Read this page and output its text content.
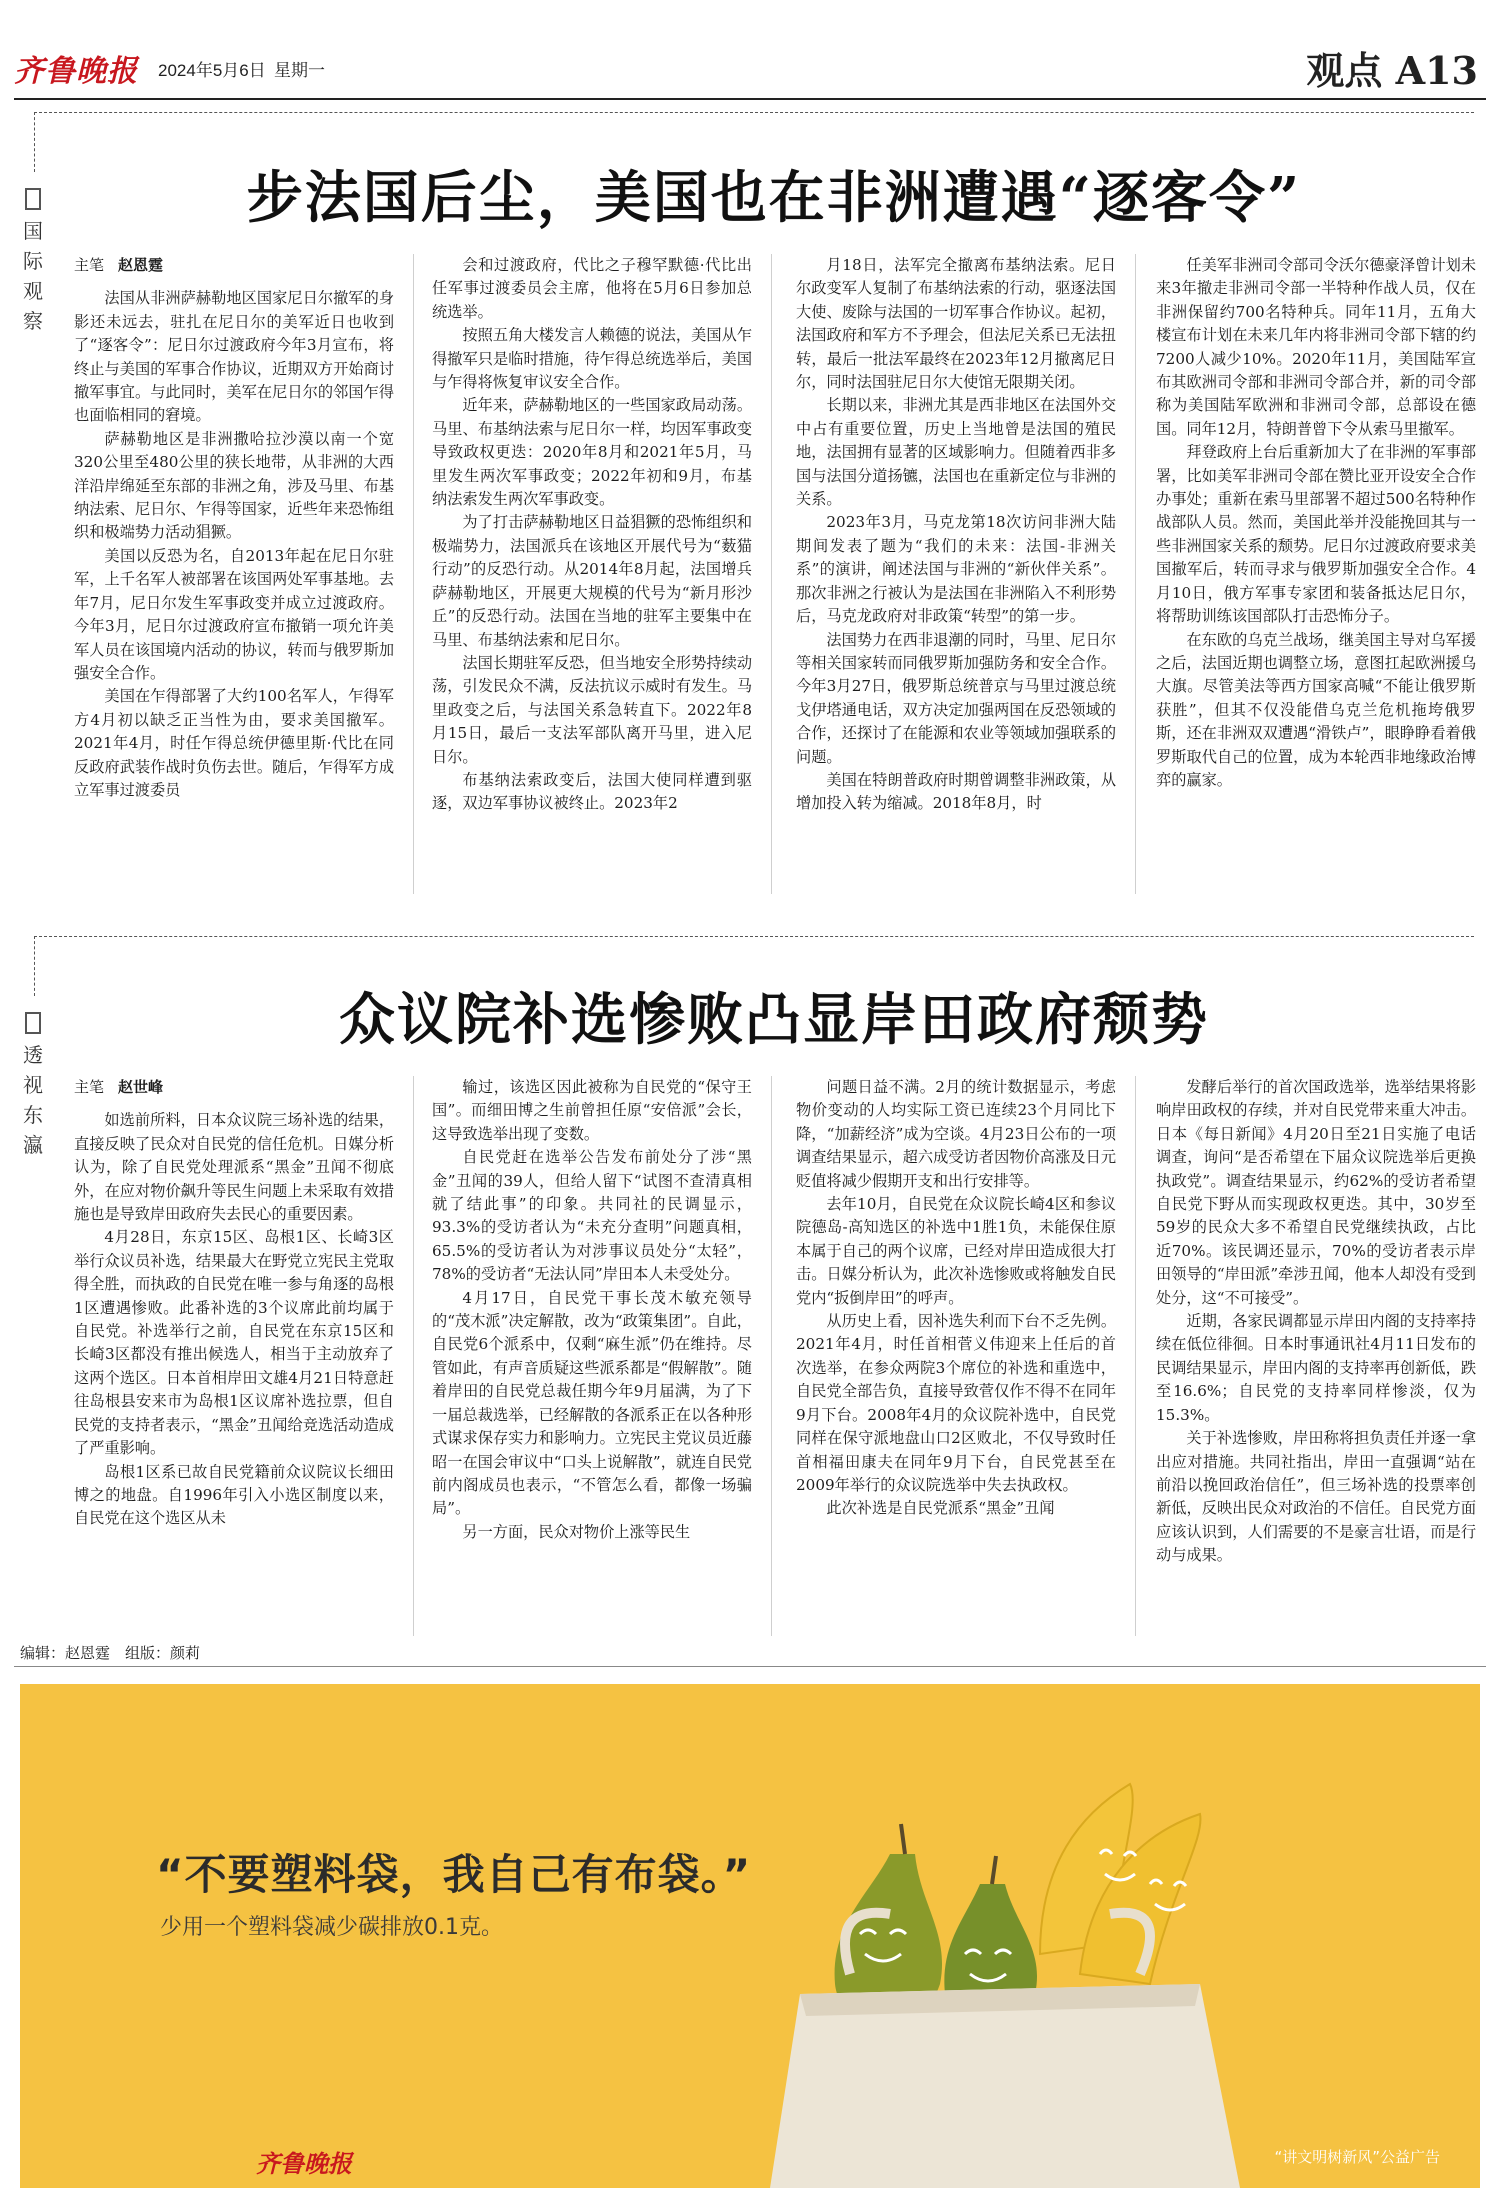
齐鲁晚报 2024年5月6日 星期一	观点 A13
步法国后尘，美国也在非洲遭遇“逐客令”
国
际
观
察

主笔 赵恩霆

法国从非洲萨赫勒地区国家尼日尔撤军的身影还未远去，驻扎在尼日尔的美军近日也收到了“逐客令”：尼日尔过渡政府今年3月宣布，将终止与美国的军事合作协议，近期双方开始商讨撤军事宜。与此同时，美军在尼日尔的邻国乍得也面临相同的窘境。

萨赫勒地区是非洲撒哈拉沙漠以南一个宽320公里至480公里的狭长地带，从非洲的大西洋沿岸绵延至东部的非洲之角，涉及马里、布基纳法索、尼日尔、乍得等国家，近些年来恐怖组织和极端势力活动猖獗。

美国以反恐为名，自2013年起在尼日尔驻军，上千名军人被部署在该国两处军事基地。去年7月，尼日尔发生军事政变并成立过渡政府。今年3月，尼日尔过渡政府宣布撤销一项允许美军人员在该国境内活动的协议，转而与俄罗斯加强安全合作。

美国在乍得部署了大约100名军人，乍得军方4月初以缺乏正当性为由，要求美国撤军。2021年4月，时任乍得总统伊德里斯·代比在同反政府武装作战时负伤去世。随后，乍得军方成立军事过渡委员

会和过渡政府，代比之子穆罕默德·代比出任军事过渡委员会主席，他将在5月6日参加总统选举。

按照五角大楼发言人赖德的说法，美国从乍得撤军只是临时措施，待乍得总统选举后，美国与乍得将恢复审议安全合作。

近年来，萨赫勒地区的一些国家政局动荡。马里、布基纳法索与尼日尔一样，均因军事政变导致政权更迭：2020年8月和2021年5月，马里发生两次军事政变；2022年初和9月，布基纳法索发生两次军事政变。

为了打击萨赫勒地区日益猖獗的恐怖组织和极端势力，法国派兵在该地区开展代号为“薮猫行动”的反恐行动。从2014年8月起，法国增兵萨赫勒地区，开展更大规模的代号为“新月形沙丘”的反恐行动。法国在当地的驻军主要集中在马里、布基纳法索和尼日尔。

法国长期驻军反恐，但当地安全形势持续动荡，引发民众不满，反法抗议示威时有发生。马里政变之后，与法国关系急转直下。2022年8月15日，最后一支法军部队离开马里，进入尼日尔。

布基纳法索政变后，法国大使同样遭到驱逐，双边军事协议被终止。2023年2

月18日，法军完全撤离布基纳法索。尼日尔政变军人复制了布基纳法索的行动，驱逐法国大使、废除与法国的一切军事合作协议。起初，法国政府和军方不予理会，但法尼关系已无法扭转，最后一批法军最终在2023年12月撤离尼日尔，同时法国驻尼日尔大使馆无限期关闭。

长期以来，非洲尤其是西非地区在法国外交中占有重要位置，历史上当地曾是法国的殖民地，法国拥有显著的区域影响力。但随着西非多国与法国分道扬镳，法国也在重新定位与非洲的关系。

2023年3月，马克龙第18次访问非洲大陆期间发表了题为“我们的未来：法国-非洲关系”的演讲，阐述法国与非洲的“新伙伴关系”。那次非洲之行被认为是法国在非洲陷入不利形势后，马克龙政府对非政策“转型”的第一步。

法国势力在西非退潮的同时，马里、尼日尔等相关国家转而同俄罗斯加强防务和安全合作。今年3月27日，俄罗斯总统普京与马里过渡总统戈伊塔通电话，双方决定加强两国在反恐领域的合作，还探讨了在能源和农业等领域加强联系的问题。

美国在特朗普政府时期曾调整非洲政策，从增加投入转为缩减。2018年8月，时

任美军非洲司令部司令沃尔德豪泽曾计划未来3年撤走非洲司令部一半特种作战人员，仅在非洲保留约700名特种兵。同年11月，五角大楼宣布计划在未来几年内将非洲司令部下辖的约7200人减少10%。2020年11月，美国陆军宣布其欧洲司令部和非洲司令部合并，新的司令部称为美国陆军欧洲和非洲司令部，总部设在德国。同年12月，特朗普曾下令从索马里撤军。

拜登政府上台后重新加大了在非洲的军事部署，比如美军非洲司令部在赞比亚开设安全合作办事处；重新在索马里部署不超过500名特种作战部队人员。然而，美国此举并没能挽回其与一些非洲国家关系的颓势。尼日尔过渡政府要求美国撤军后，转而寻求与俄罗斯加强安全合作。4月10日，俄方军事专家团和装备抵达尼日尔，将帮助训练该国部队打击恐怖分子。

在东欧的乌克兰战场，继美国主导对乌军援之后，法国近期也调整立场，意图扛起欧洲援乌大旗。尽管美法等西方国家高喊“不能让俄罗斯获胜”，但其不仅没能借乌克兰危机拖垮俄罗斯，还在非洲双双遭遇“滑铁卢”，眼睁睁看着俄罗斯取代自己的位置，成为本轮西非地缘政治博弈的赢家。

众议院补选惨败凸显岸田政府颓势
透
视
东
瀛

主笔 赵世峰

如选前所料，日本众议院三场补选的结果，直接反映了民众对自民党的信任危机。日媒分析认为，除了自民党处理派系“黑金”丑闻不彻底外，在应对物价飙升等民生问题上未采取有效措施也是导致岸田政府失去民心的重要因素。

4月28日，东京15区、岛根1区、长崎3区举行众议员补选，结果最大在野党立宪民主党取得全胜，而执政的自民党在唯一参与角逐的岛根1区遭遇惨败。此番补选的3个议席此前均属于自民党。补选举行之前，自民党在东京15区和长崎3区都没有推出候选人，相当于主动放弃了这两个选区。日本首相岸田文雄4月21日特意赶往岛根县安来市为岛根1区议席补选拉票，但自民党的支持者表示，“黑金”丑闻给竞选活动造成了严重影响。

岛根1区系已故自民党籍前众议院议长细田博之的地盘。自1996年引入小选区制度以来，自民党在这个选区从未

输过，该选区因此被称为自民党的“保守王国”。而细田博之生前曾担任原“安倍派”会长，这导致选举出现了变数。

自民党赶在选举公告发布前处分了涉“黑金”丑闻的39人，但给人留下“试图不查清真相就了结此事”的印象。共同社的民调显示，93.3%的受访者认为“未充分查明”问题真相，65.5%的受访者认为对涉事议员处分“太轻”，78%的受访者“无法认同”岸田本人未受处分。

4月17日，自民党干事长茂木敏充领导的“茂木派”决定解散，改为“政策集团”。自此，自民党6个派系中，仅剩“麻生派”仍在维持。尽管如此，有声音质疑这些派系都是“假解散”。随着岸田的自民党总裁任期今年9月届满，为了下一届总裁选举，已经解散的各派系正在以各种形式谋求保存实力和影响力。立宪民主党议员近藤昭一在国会审议中“口头上说解散”，就连自民党前内阁成员也表示，“不管怎么看，都像一场骗局”。

另一方面，民众对物价上涨等民生

问题日益不满。2月的统计数据显示，考虑物价变动的人均实际工资已连续23个月同比下降，“加薪经济”成为空谈。4月23日公布的一项调查结果显示，超六成受访者因物价高涨及日元贬值将减少假期开支和出行安排等。

去年10月，自民党在众议院长崎4区和参议院德岛-高知选区的补选中1胜1负，未能保住原本属于自己的两个议席，已经对岸田造成很大打击。日媒分析认为，此次补选惨败或将触发自民党内“扳倒岸田”的呼声。

从历史上看，因补选失利而下台不乏先例。2021年4月，时任首相菅义伟迎来上任后的首次选举，在参众两院3个席位的补选和重选中，自民党全部告负，直接导致菅仅作不得不在同年9月下台。2008年4月的众议院补选中，自民党同样在保守派地盘山口2区败北，不仅导致时任首相福田康夫在同年9月下台，自民党甚至在2009年举行的众议院选举中失去执政权。

此次补选是自民党派系“黑金”丑闻

发酵后举行的首次国政选举，选举结果将影响岸田政权的存续，并对自民党带来重大冲击。日本《每日新闻》4月20日至21日实施了电话调查，询问“是否希望在下届众议院选举后更换执政党”。调查结果显示，约62%的受访者希望自民党下野从而实现政权更迭。其中，30岁至59岁的民众大多不希望自民党继续执政，占比近70%。该民调还显示，70%的受访者表示岸田领导的“岸田派”牵涉丑闻，他本人却没有受到处分，这“不可接受”。

近期，各家民调都显示岸田内阁的支持率持续在低位徘徊。日本时事通讯社4月11日发布的民调结果显示，岸田内阁的支持率再创新低，跌至16.6%；自民党的支持率同样惨淡，仅为15.3%。

关于补选惨败，岸田称将担负责任并逐一拿出应对措施。共同社指出，岸田一直强调“站在前沿以挽回政治信任”，但三场补选的投票率创新低，反映出民众对政治的不信任。自民党方面应该认识到，人们需要的不是豪言壮语，而是行动与成果。

编辑：赵恩霆　组版：颜莉
“不要塑料袋，我自己有布袋。”
少用一个塑料袋减少碳排放0.1克。
齐鲁晚报	“讲文明树新风”公益广告
